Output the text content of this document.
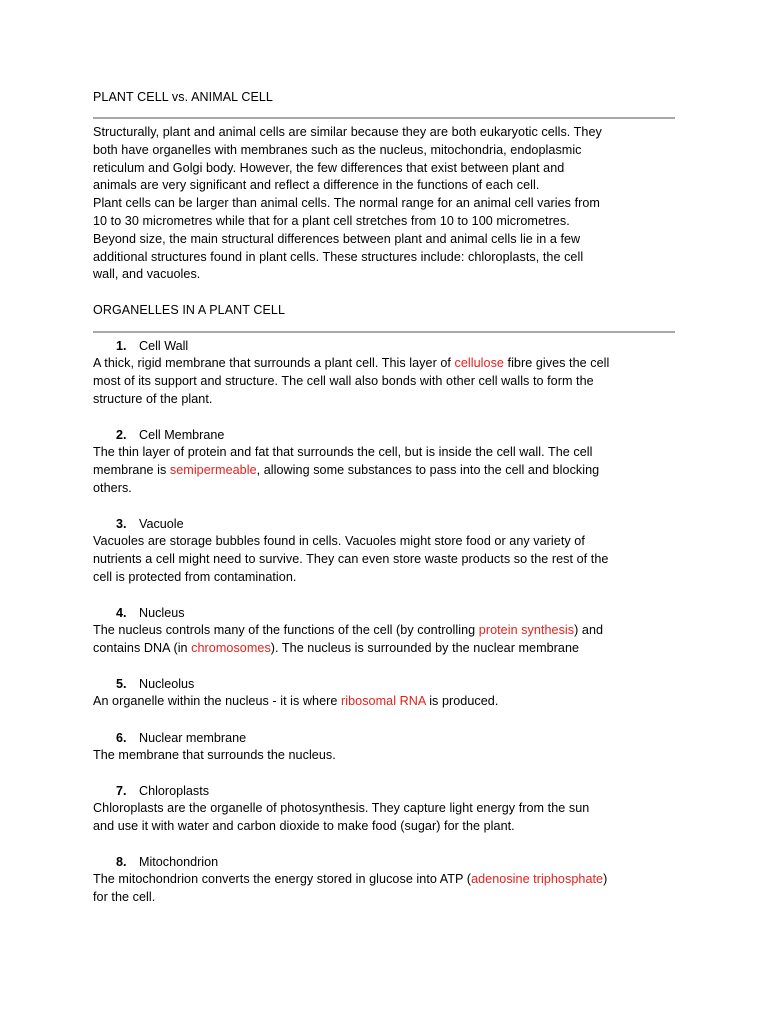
PLANT CELL vs. ANIMAL CELL
Structurally, plant and animal cells are similar because they are both eukaryotic cells. They
both have organelles with membranes such as the nucleus, mitochondria, endoplasmic
reticulum and Golgi body. However, the few differences that exist between plant and
animals are very significant and reflect a difference in the functions of each cell.
Plant cells can be larger than animal cells. The normal range for an animal cell varies from
10 to 30 micrometres while that for a plant cell stretches from 10 to 100 micrometres.
Beyond size, the main structural differences between plant and animal cells lie in a few
additional structures found in plant cells. These structures include: chloroplasts, the cell
wall, and vacuoles.
ORGANELLES IN A PLANT CELL
1. Cell Wall
A thick, rigid membrane that surrounds a plant cell. This layer of cellulose fibre gives the cell
most of its support and structure. The cell wall also bonds with other cell walls to form the
structure of the plant.
2. Cell Membrane
The thin layer of protein and fat that surrounds the cell, but is inside the cell wall. The cell
membrane is semipermeable, allowing some substances to pass into the cell and blocking
others.
3. Vacuole
Vacuoles are storage bubbles found in cells. Vacuoles might store food or any variety of
nutrients a cell might need to survive. They can even store waste products so the rest of the
cell is protected from contamination.
4. Nucleus
The nucleus controls many of the functions of the cell (by controlling protein synthesis) and
contains DNA (in chromosomes). The nucleus is surrounded by the nuclear membrane
5. Nucleolus
An organelle within the nucleus - it is where ribosomal RNA is produced.
6. Nuclear membrane
The membrane that surrounds the nucleus.
7. Chloroplasts
Chloroplasts are the organelle of photosynthesis. They capture light energy from the sun
and use it with water and carbon dioxide to make food (sugar) for the plant.
8. Mitochondrion
The mitochondrion converts the energy stored in glucose into ATP (adenosine triphosphate)
for the cell.
